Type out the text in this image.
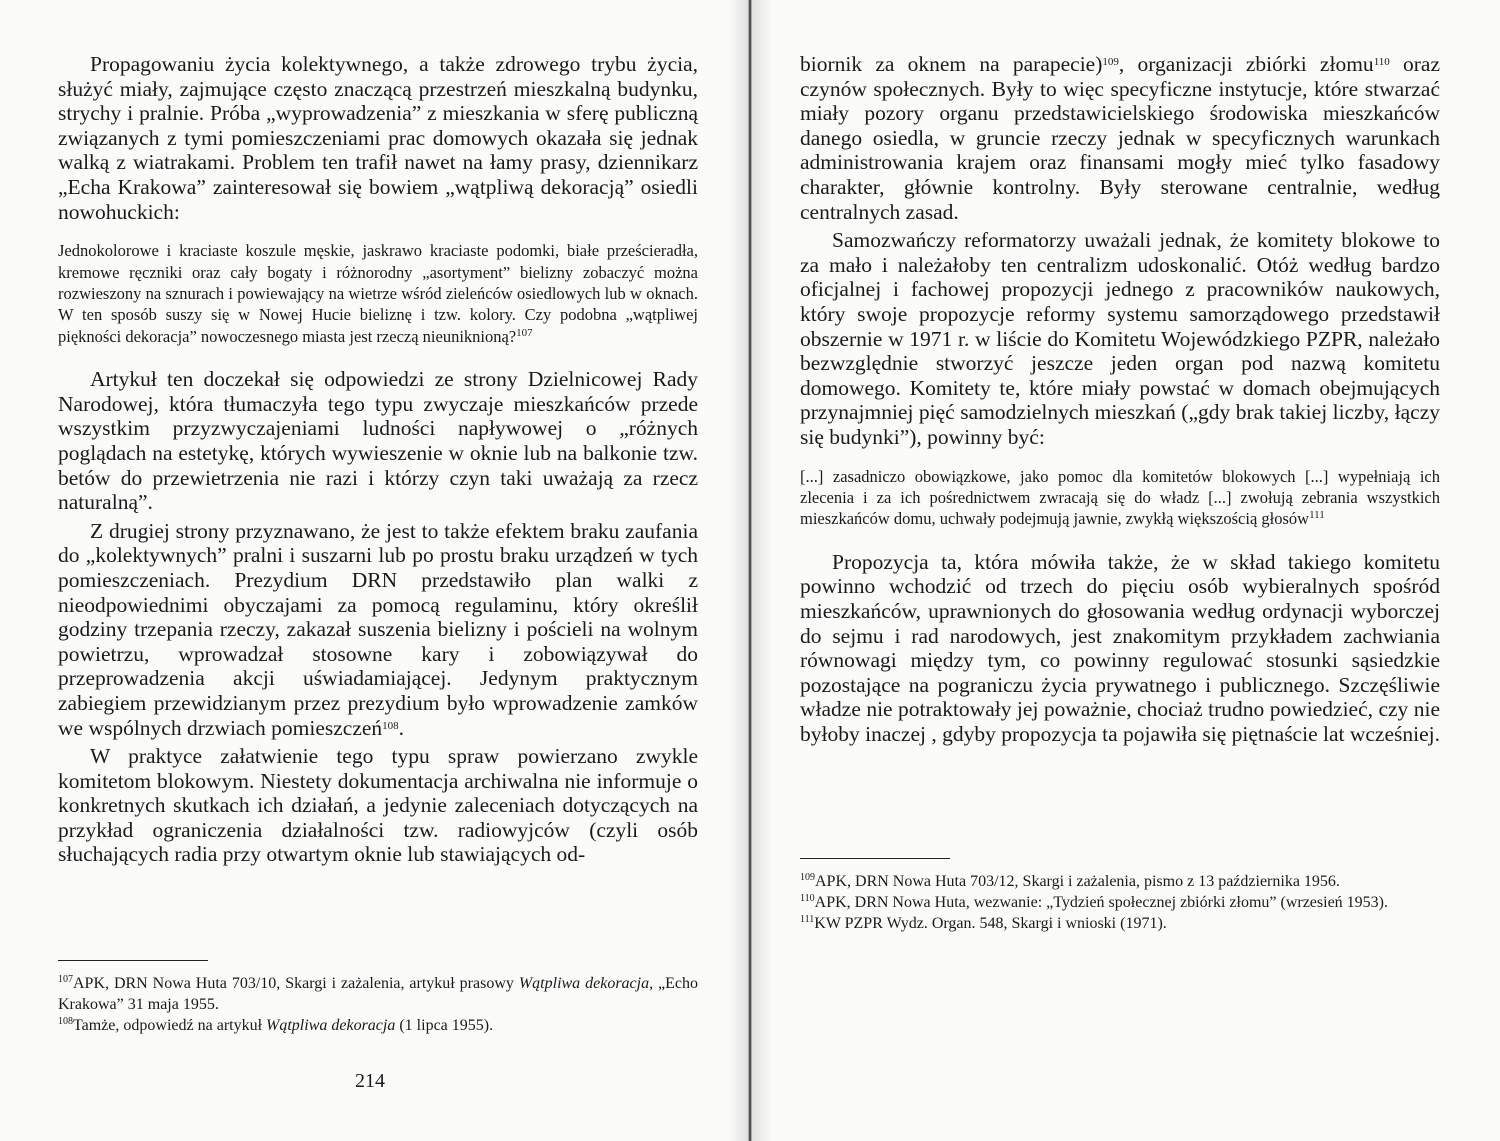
Propagowaniu życia kolektywnego, a także zdrowego trybu życia, służyć miały, zajmujące często znaczącą przestrzeń mieszkalną budynku, strychy i pralnie. Próba „wyprowadzenia” z mieszkania w sferę publiczną związanych z tymi pomieszczeniami prac domowych okazała się jednak walką z wiatrakami. Problem ten trafił nawet na łamy prasy, dziennikarz „Echa Krakowa” zainteresował się bowiem „wątpliwą dekoracją” osiedli nowohuckich:

Jednokolorowe i kraciaste koszule męskie, jaskrawo kraciaste podomki, białe prześcieradła, kremowe ręczniki oraz cały bogaty i różnorodny „asortyment” bielizny zobaczyć można rozwieszony na sznurach i powiewający na wietrze wśród zieleńców osiedlowych lub w oknach. W ten sposób suszy się w Nowej Hucie bieliznę i tzw. kolory. Czy podobna „wątpliwej piękności dekoracja” nowoczesnego miasta jest rzeczą nieuniknioną?$^{107}$

Artykuł ten doczekał się odpowiedzi ze strony Dzielnicowej Rady Narodowej, która tłumaczyła tego typu zwyczaje mieszkańców przede wszystkim przyzwyczajeniami ludności napływowej o „różnych poglądach na estetykę, których wywieszenie w oknie lub na balkonie tzw. betów do przewietrzenia nie razi i którzy czyn taki uważają za rzecz naturalną”.

Z drugiej strony przyznawano, że jest to także efektem braku zaufania do „kolektywnych” pralni i suszarni lub po prostu braku urządzeń w tych pomieszczeniach. Prezydium DRN przedstawiło plan walki z nieodpowiednimi obyczajami za pomocą regulaminu, który określił godziny trzepania rzeczy, zakazał suszenia bielizny i pościeli na wolnym powietrzu, wprowadzał stosowne kary i zobowiązywał do przeprowadzenia akcji uświadamiającej. Jedynym praktycznym zabiegiem przewidzianym przez prezydium było wprowadzenie zamków we wspólnych drzwiach pomieszczeń$^{108}$.

W praktyce załatwienie tego typu spraw powierzano zwykle komitetom blokowym. Niestety dokumentacja archiwalna nie informuje o konkretnych skutkach ich działań, a jedynie zaleceniach dotyczących na przykład ograniczenia działalności tzw. radiowyjców (czyli osób słuchających radia przy otwartym oknie lub stawiających od-

$^{107}$APK, DRN Nowa Huta 703/10, Skargi i zażalenia, artykuł prasowy Wątpliwa dekoracja, „Echo Krakowa” 31 maja 1955.

$^{108}$Tamże, odpowiedź na artykuł Wątpliwa dekoracja (1 lipca 1955).

214

biornik za oknem na parapecie)$^{109}$, organizacji zbiórki złomu$^{110}$ oraz czynów społecznych. Były to więc specyficzne instytucje, które stwarzać miały pozory organu przedstawicielskiego środowiska mieszkańców danego osiedla, w gruncie rzeczy jednak w specyficznych warunkach administrowania krajem oraz finansami mogły mieć tylko fasadowy charakter, głównie kontrolny. Były sterowane centralnie, według centralnych zasad.

Samozwańczy reformatorzy uważali jednak, że komitety blokowe to za mało i należałoby ten centralizm udoskonalić. Otóż według bardzo oficjalnej i fachowej propozycji jednego z pracowników naukowych, który swoje propozycje reformy systemu samorządowego przedstawił obszernie w 1971 r. w liście do Komitetu Wojewódzkiego PZPR, należało bezwzględnie stworzyć jeszcze jeden organ pod nazwą komitetu domowego. Komitety te, które miały powstać w domach obejmujących przynajmniej pięć samodzielnych mieszkań („gdy brak takiej liczby, łączy się budynki”), powinny być:

[...] zasadniczo obowiązkowe, jako pomoc dla komitetów blokowych [...] wypełniają ich zlecenia i za ich pośrednictwem zwracają się do władz [...] zwołują zebrania wszystkich mieszkańców domu, uchwały podejmują jawnie, zwykłą większością głosów$^{111}$

Propozycja ta, która mówiła także, że w skład takiego komitetu powinno wchodzić od trzech do pięciu osób wybieralnych spośród mieszkańców, uprawnionych do głosowania według ordynacji wyborczej do sejmu i rad narodowych, jest znakomitym przykładem zachwiania równowagi między tym, co powinny regulować stosunki sąsiedzkie pozostające na pograniczu życia prywatnego i publicznego. Szczęśliwie władze nie potraktowały jej poważnie, chociaż trudno powiedzieć, czy nie byłoby inaczej , gdyby propozycja ta pojawiła się piętnaście lat wcześniej.

$^{109}$APK, DRN Nowa Huta 703/12, Skargi i zażalenia, pismo z 13 października 1956.

$^{110}$APK, DRN Nowa Huta, wezwanie: „Tydzień społecznej zbiórki złomu” (wrzesień 1953).

$^{111}$KW PZPR Wydz. Organ. 548, Skargi i wnioski (1971).
